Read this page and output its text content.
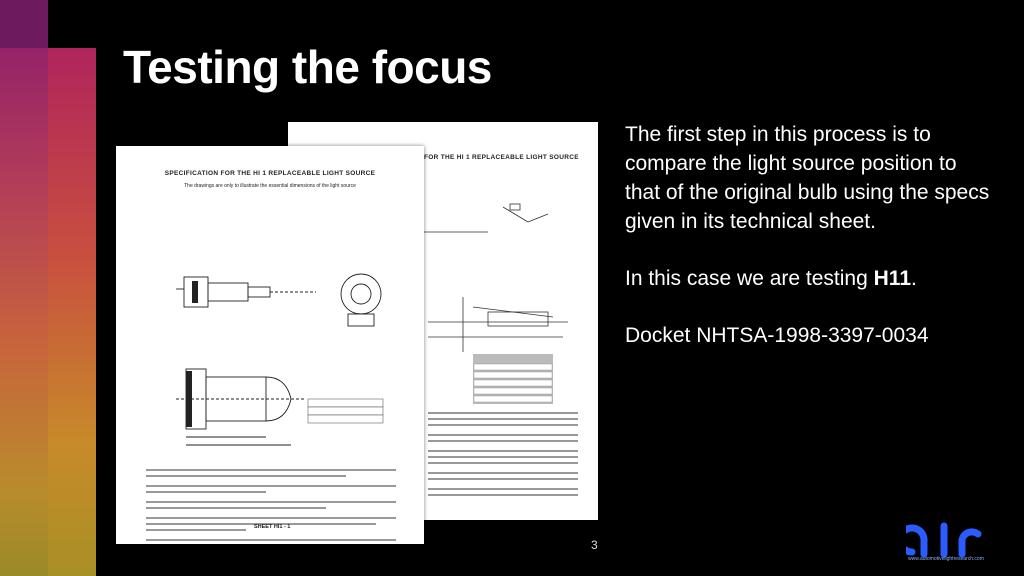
Testing the focus
FOR THE HI 1 REPLACEABLE LIGHT SOURCE
SPECIFICATION FOR THE HI 1 REPLACEABLE LIGHT SOURCE
The drawings are only to illustrate the essential dimensions of the light source
SHEET HI1 - 1

The first step in this process is to compare the light source position to that of the original bulb using the specs given in its technical sheet.

In this case we are testing H11.

Docket NHTSA-1998-3397-0034

3
www.automotivelightresearch.com
